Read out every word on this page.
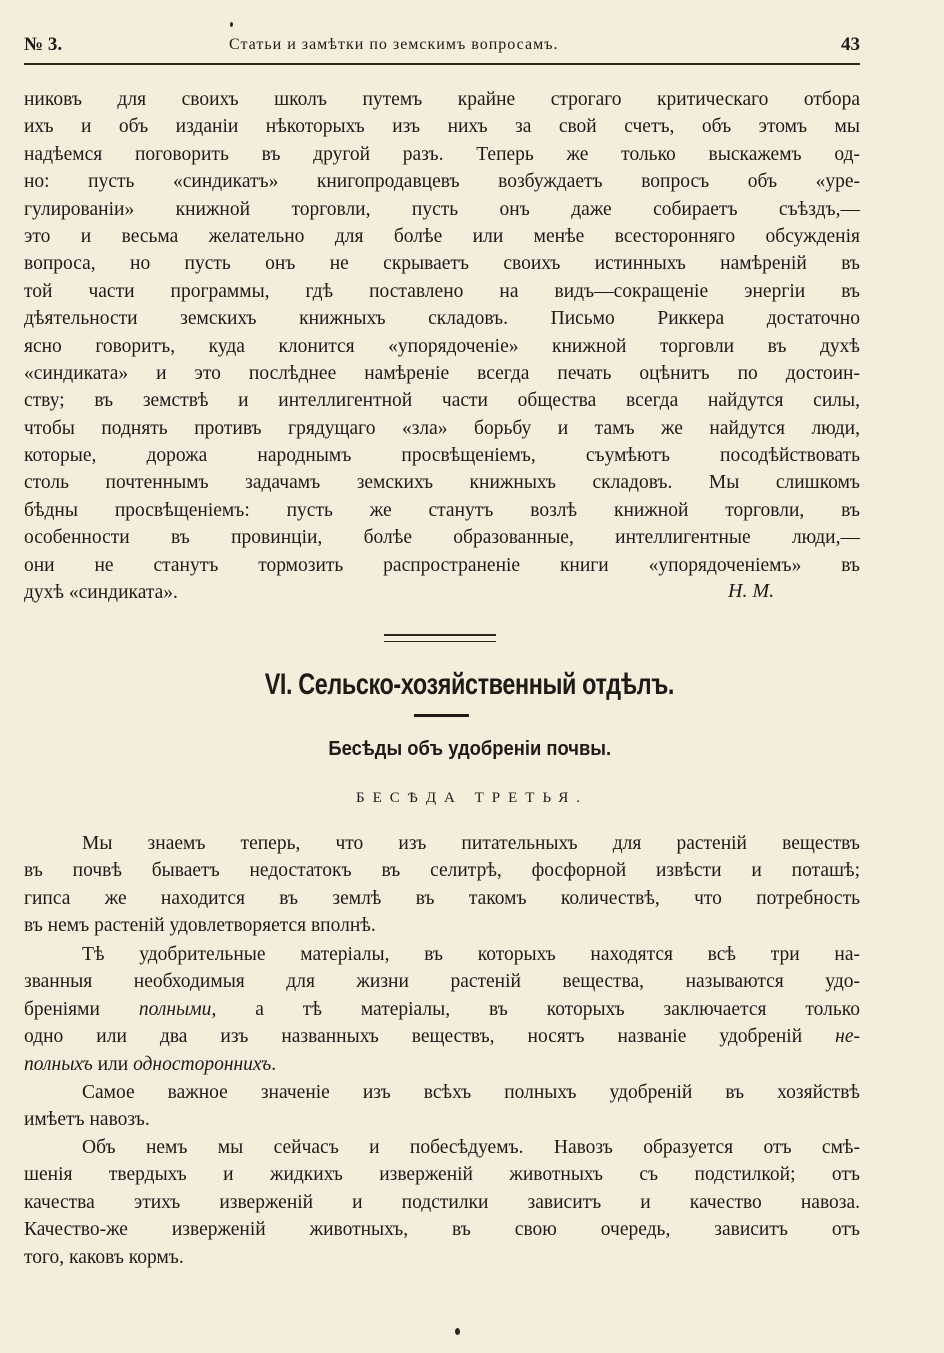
№ 3.	Статьи и замѣтки по земскимъ вопросамъ.	43
никовъ для своихъ школъ путемъ крайне строгаго критическаго отбора
ихъ и объ изданіи нѣкоторыхъ изъ нихъ за свой счетъ, объ этомъ мы
надѣемся поговорить въ другой разъ. Теперь же только выскажемъ од-
но: пусть «синдикатъ» книгопродавцевъ возбуждаетъ вопросъ объ «уре-
гулированіи» книжной торговли, пусть онъ даже собираетъ съѣздъ,—
это и весьма желательно для болѣе или менѣе всесторонняго обсужденія
вопроса, но пусть онъ не скрываетъ своихъ истинныхъ намѣреній въ
той части программы, гдѣ поставлено на видъ—сокращеніе энергіи въ
дѣятельности земскихъ книжныхъ складовъ. Письмо Риккера достаточно
ясно говоритъ, куда клонится «упорядоченіе» книжной торговли въ духѣ
«синдиката» и это послѣднее намѣреніе всегда печать оцѣнитъ по достоин-
ству; въ земствѣ и интеллигентной части общества всегда найдутся силы,
чтобы поднять противъ грядущаго «зла» борьбу и тамъ же найдутся люди,
которые, дорожа народнымъ просвѣщеніемъ, съумѣютъ посодѣйствовать
столь почтеннымъ задачамъ земскихъ книжныхъ складовъ. Мы слишкомъ
бѣдны просвѣщеніемъ: пусть же станутъ возлѣ книжной торговли, въ
особенности въ провинціи, болѣе образованные, интеллигентные люди,—
они не станутъ тормозить распространеніе книги «упорядоченіемъ» въ
духѣ «синдиката».	Н. М.
VI. Сельско-хозяйственный отдѣлъ.
Бесѣды объ удобреніи почвы.
БЕСѢДА ТРЕТЬЯ.
Мы знаемъ теперь, что изъ питательныхъ для растеній веществъ
въ почвѣ бываетъ недостатокъ въ селитрѣ, фосфорной извѣсти и поташѣ;
гипса же находится въ землѣ въ такомъ количествѣ, что потребность
въ немъ растеній удовлетворяется вполнѣ.
Тѣ удобрительные матеріалы, въ которыхъ находятся всѣ три на-
званныя необходимыя для жизни растеній вещества, называются удо-
бреніями полными, а тѣ матеріалы, въ которыхъ заключается только
одно или два изъ названныхъ веществъ, носятъ названіе удобреній не-
полныхъ или одностороннихъ.
Самое важное значеніе изъ всѣхъ полныхъ удобреній въ хозяйствѣ
имѣетъ навозъ.
Объ немъ мы сейчасъ и побесѣдуемъ. Навозъ образуется отъ смѣ-
шенія твердыхъ и жидкихъ изверженій животныхъ съ подстилкой; отъ
качества этихъ изверженій и подстилки зависитъ и качество навоза.
Качество-же изверженій животныхъ, въ свою очередь, зависитъ отъ
того, каковъ кормъ.
